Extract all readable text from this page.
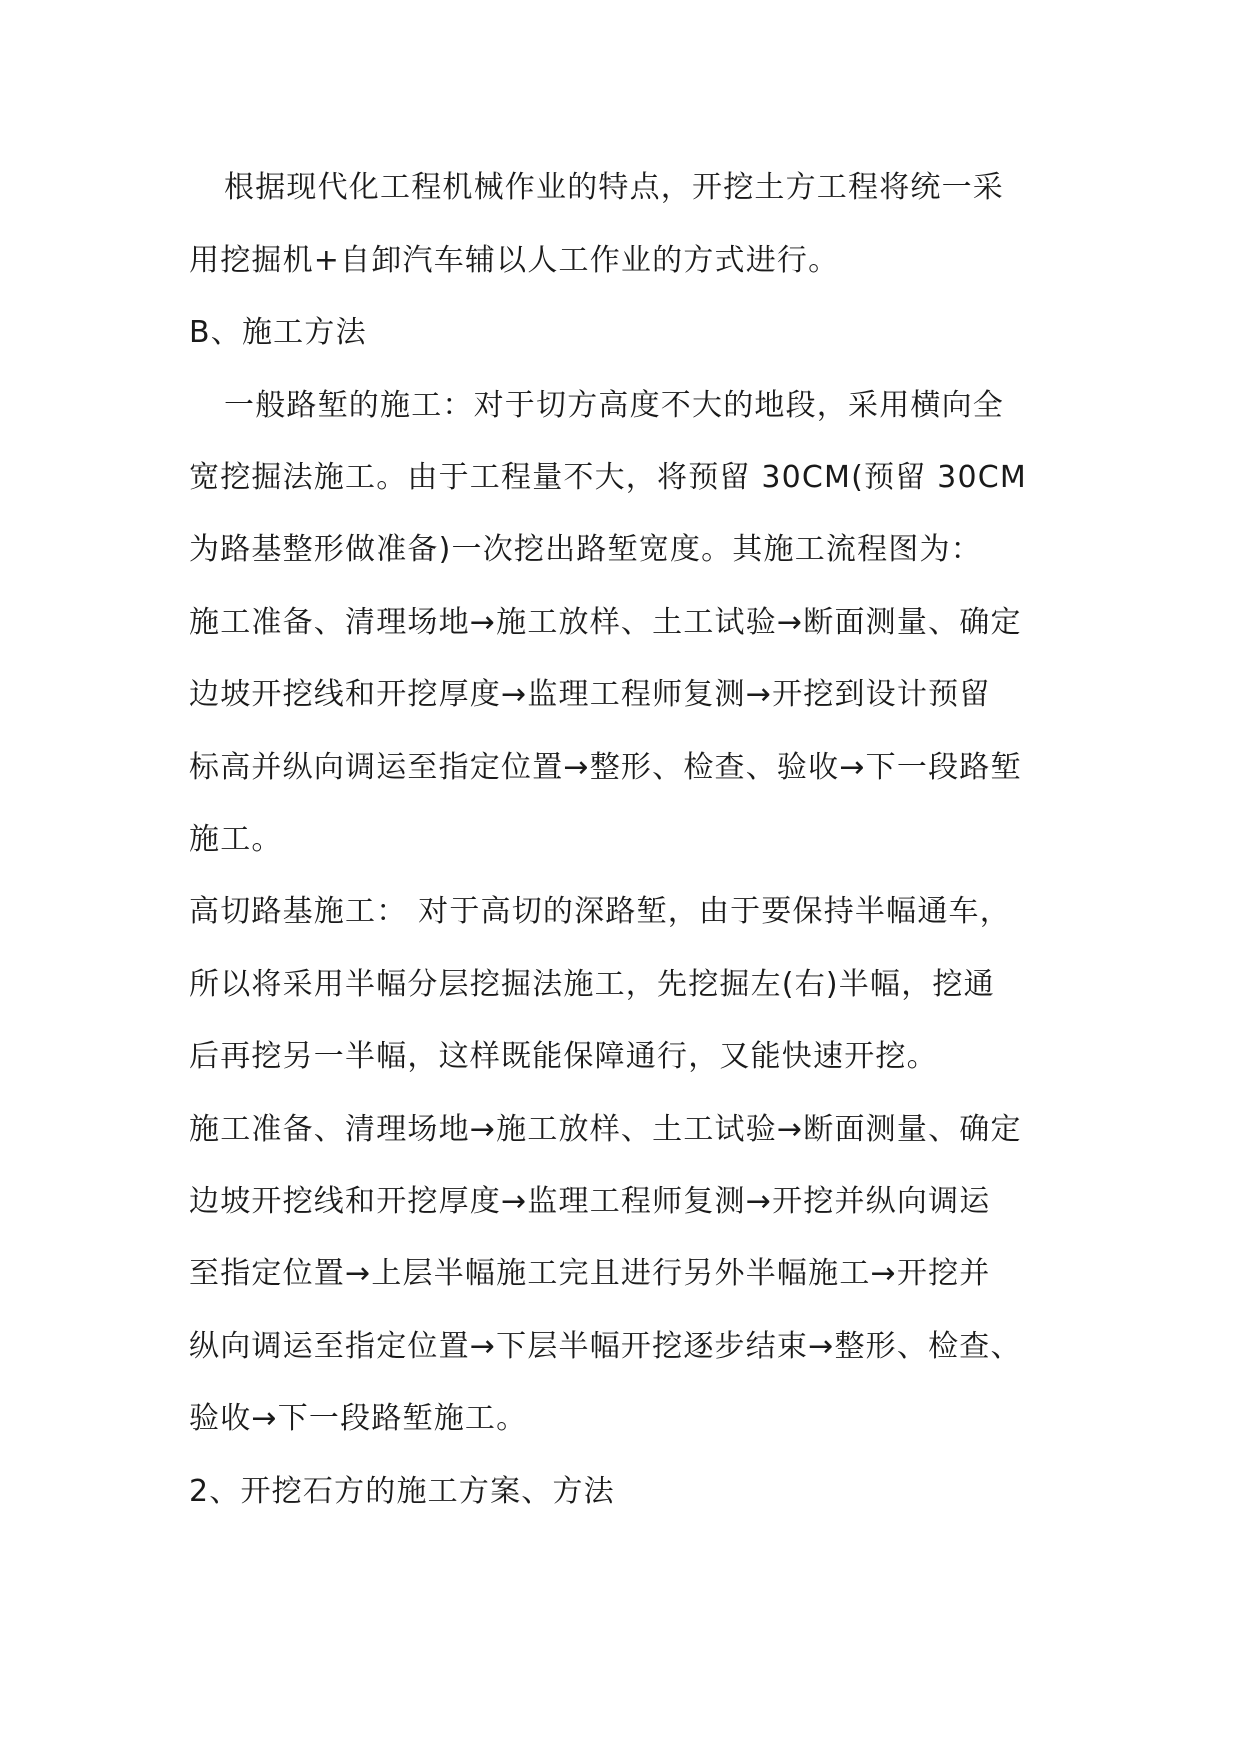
根据现代化工程机械作业的特点，开挖土方工程将统一采
用挖掘机+自卸汽车辅以人工作业的方式进行。
B、施工方法
一般路堑的施工：对于切方高度不大的地段，采用横向全
宽挖掘法施工。由于工程量不大，将预留 30CM(预留 30CM
为路基整形做准备)一次挖出路堑宽度。其施工流程图为：
施工准备、清理场地→施工放样、土工试验→断面测量、确定
边坡开挖线和开挖厚度→监理工程师复测→开挖到设计预留
标高并纵向调运至指定位置→整形、检查、验收→下一段路堑
施工。
高切路基施工： 对于高切的深路堑，由于要保持半幅通车，
所以将采用半幅分层挖掘法施工，先挖掘左(右)半幅，挖通
后再挖另一半幅，这样既能保障通行，又能快速开挖。
施工准备、清理场地→施工放样、土工试验→断面测量、确定
边坡开挖线和开挖厚度→监理工程师复测→开挖并纵向调运
至指定位置→上层半幅施工完且进行另外半幅施工→开挖并
纵向调运至指定位置→下层半幅开挖逐步结束→整形、检查、
验收→下一段路堑施工。
2、开挖石方的施工方案、方法
